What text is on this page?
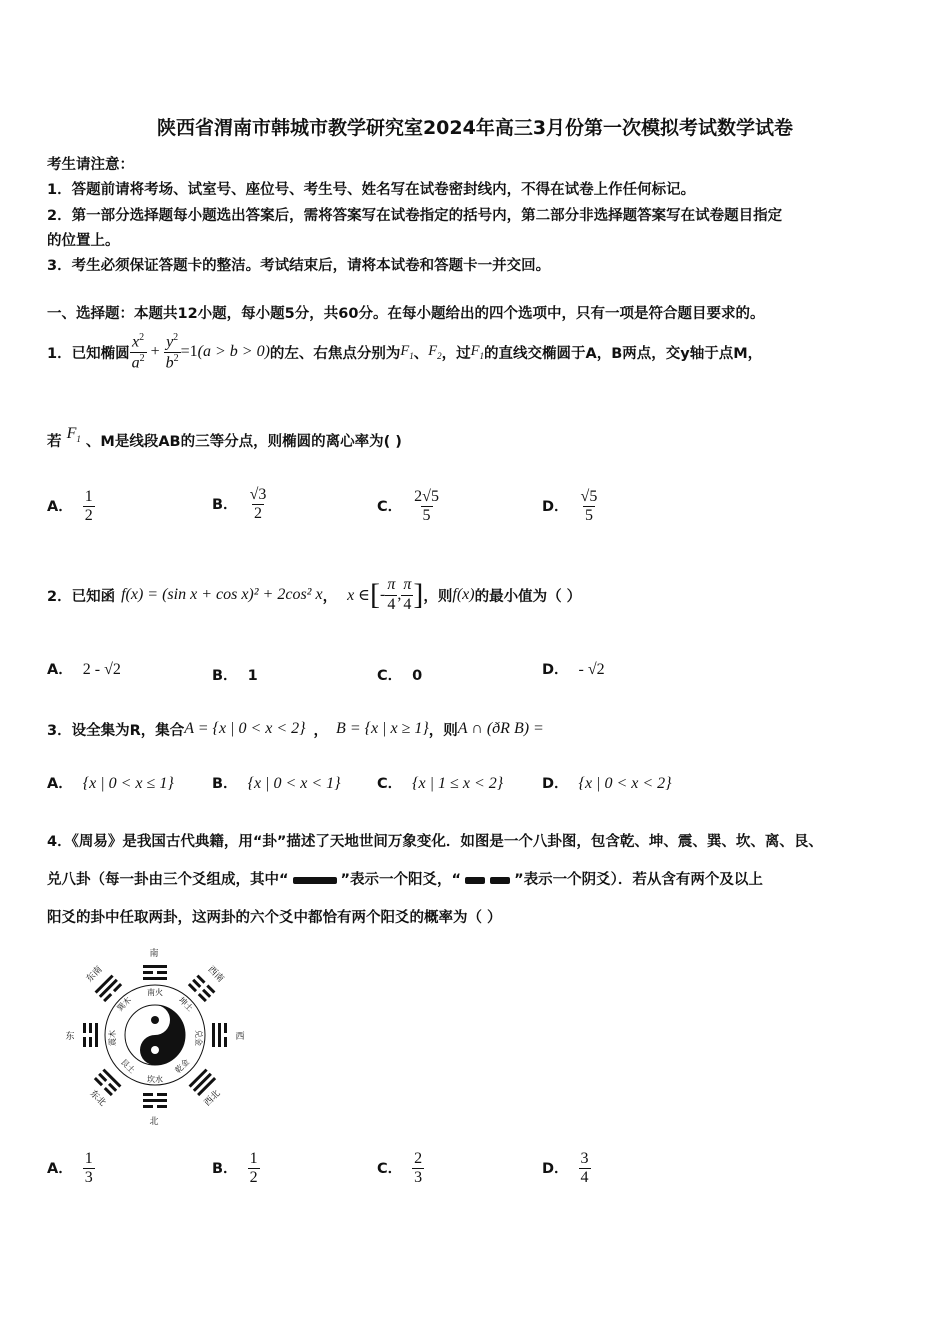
陕西省渭南市韩城市教学研究室2024年高三3月份第一次模拟考试数学试卷
考生请注意：
1．答题前请将考场、试室号、座位号、考生号、姓名写在试卷密封线内，不得在试卷上作任何标记。
2．第一部分选择题每小题选出答案后，需将答案写在试卷指定的括号内，第二部分非选择题答案写在试卷题目指定
的位置上。
3．考生必须保证答题卡的整洁。考试结束后，请将本试卷和答题卡一并交回。
一、选择题：本题共12小题，每小题5分，共60分。在每小题给出的四个选项中，只有一项是符合题目要求的。
1．已知椭圆 $\frac{x^2}{a^2} + \frac{y^2}{b^2} =1$ (a > b > 0) 的左、右焦点分别为 $F_1$ 、 $F_2$ ，过 $F_1$ 的直线交椭圆于A，B两点，交y轴于点M，
若 $F_1$ 、M是线段AB的三等分点，则椭圆的离心率为( )
A． $\frac{1}{2}$	B． $\frac{√3}{2}$	C． $\frac{2√5}{5}$	D． $\frac{√5}{5}$
2．已知函 f(x) = (sin x + cos x)² + 2cos² x ， x ∈ [ - $\frac{\pi}{4}$ , $\frac{\pi}{4}$ ] ，则 f(x) 的最小值为（ ）
A． 2 - √2	B． 1	C． 0	D． - √2
3．设全集为R，集合 A = {x | 0 < x < 2} ， B = {x | x ≥ 1} ，则 A ∩ (ðR B) =
A． {x | 0 < x ≤ 1}	B． {x | 0 < x < 1}	C． {x | 1 ≤ x < 2}	D． {x | 0 < x < 2}
4．《周易》是我国古代典籍，用“卦”描述了天地世间万象变化．如图是一个八卦图，包含乾、坤、震、巽、坎、离、艮、
兑八卦（每一卦由三个爻组成，其中“	”表示一个阳爻，“	”表示一个阴爻）．若从含有两个及以上
阳爻的卦中任取两卦，这两卦的六个爻中都恰有两个阳爻的概率为（ ）
南
北
东	西
东南	西南
东北	西北
南火
坎水
震木	兑金
巽木	坤土
艮土	乾金
A． $\frac{1}{3}$	B． $\frac{1}{2}$	C． $\frac{2}{3}$	D． $\frac{3}{4}$
